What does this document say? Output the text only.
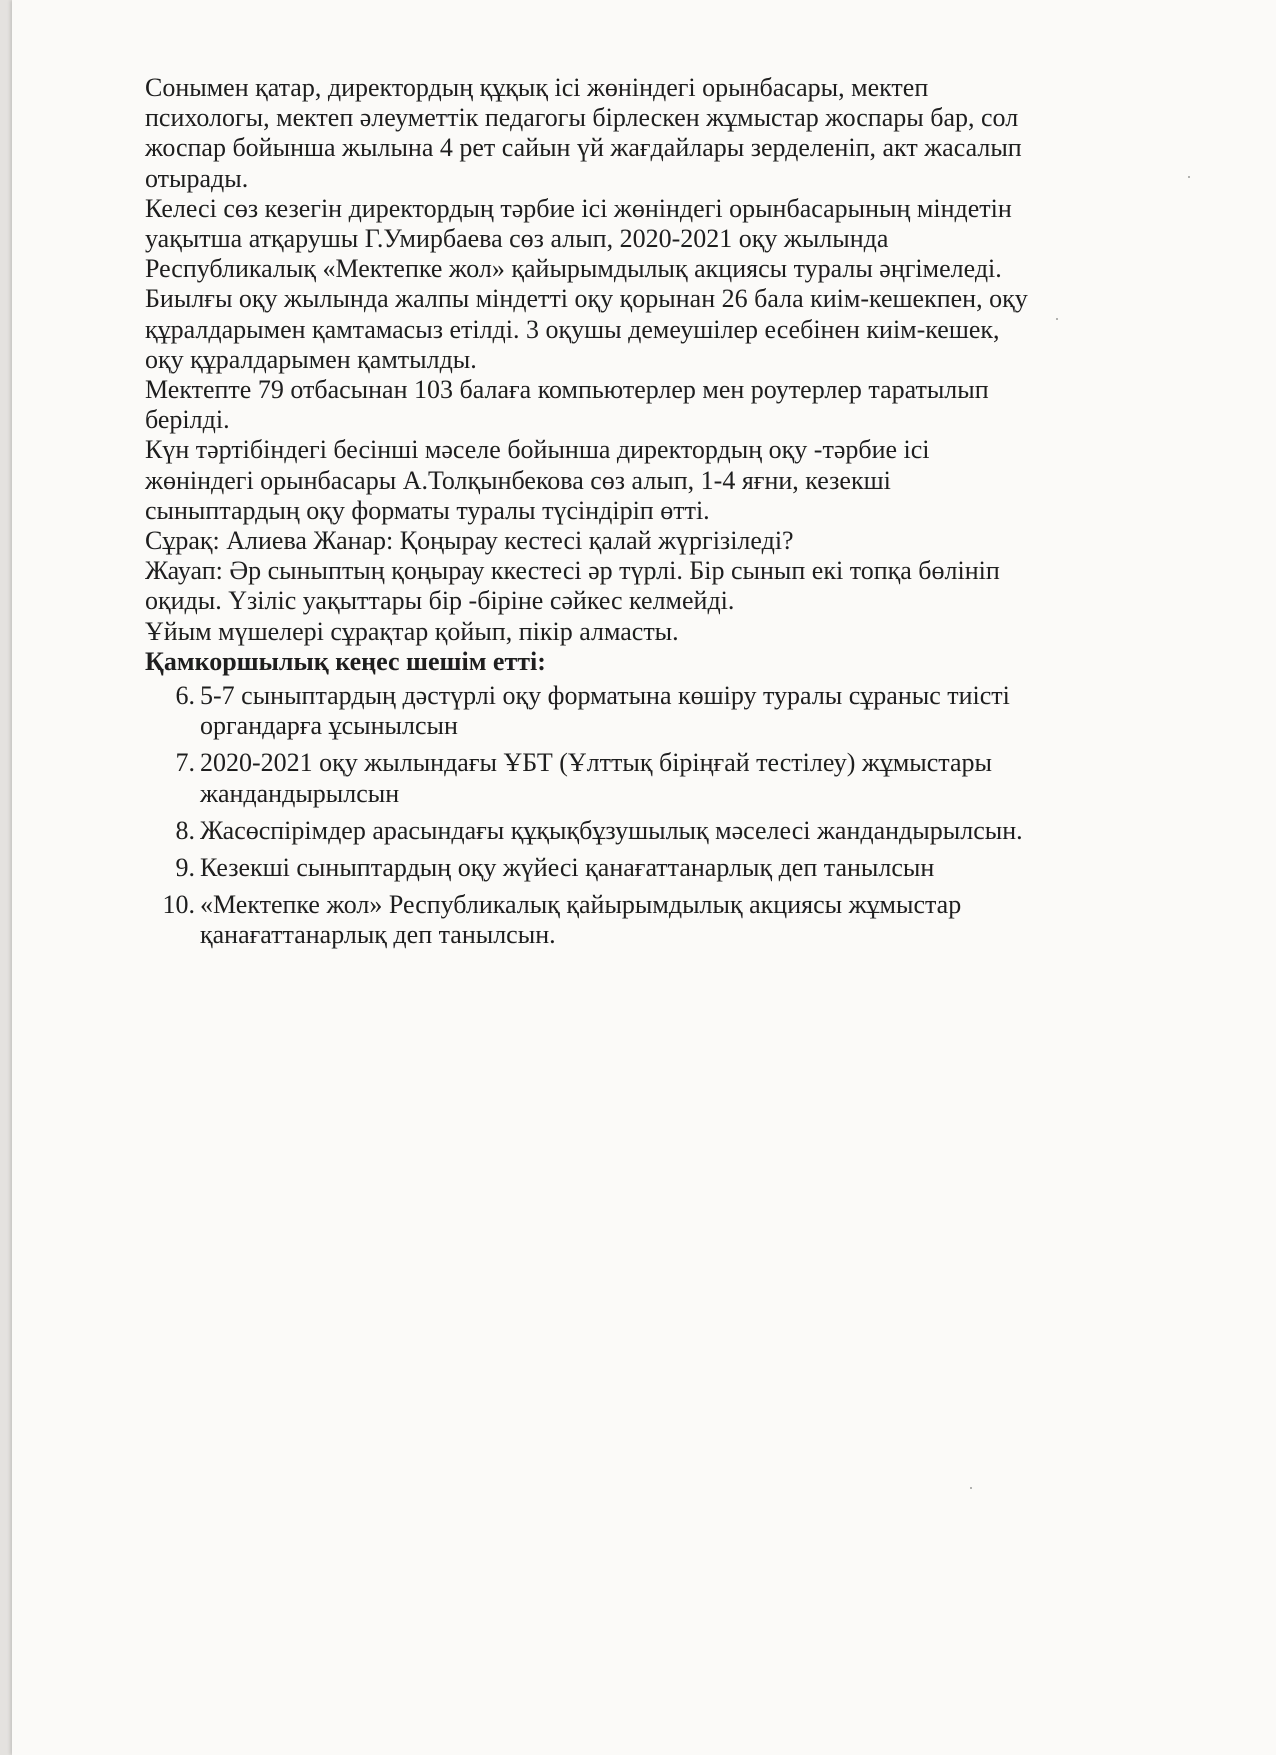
Сонымен қатар, директордың құқық ісі жөніндегі орынбасары, мектеп
психологы, мектеп әлеуметтік педагогы бірлескен жұмыстар жоспары бар, сол
жоспар бойынша жылына 4 рет сайын үй жағдайлары зерделеніп, акт жасалып
отырады.

Келесі сөз кезегін директордың тәрбие ісі жөніндегі орынбасарының міндетін
уақытша атқарушы Г.Умирбаева сөз алып, 2020-2021 оқу жылында
Республикалық «Мектепке жол» қайырымдылық акциясы туралы әңгімеледі.
Биылғы оқу жылында жалпы міндетті оқу қорынан 26 бала киім-кешекпен, оқу
құралдарымен қамтамасыз етілді. 3 оқушы демеушілер есебінен киім-кешек,
оқу құралдарымен қамтылды.

Мектепте 79 отбасынан 103 балаға компьютерлер мен роутерлер таратылып
берілді.

Күн тәртібіндегі бесінші мәселе бойынша директордың оқу -тәрбие ісі
жөніндегі орынбасары А.Толқынбекова сөз алып, 1-4 яғни, кезекші
сыныптардың оқу форматы туралы түсіндіріп өтті.

Сұрақ: Алиева Жанар: Қоңырау кестесі қалай жүргізіледі?

Жауап: Әр сыныптың қоңырау ккестесі әр түрлі. Бір сынып екі топқа бөлініп
оқиды. Үзіліс уақыттары бір -біріне сәйкес келмейді.

Ұйым мүшелері сұрақтар қойып, пікір алмасты.

Қамкоршылық кеңес шешім етті:

6. 5-7 сыныптардың дәстүрлі оқу форматына көшіру туралы сұраныс тиісті
органдарға ұсынылсын
7. 2020-2021 оқу жылындағы ҰБТ (Ұлттық біріңғай тестілеу) жұмыстары
жандандырылсын
8. Жасөспірімдер арасындағы құқықбұзушылық мәселесі жандандырылсын.
9. Кезекші сыныптардың оқу жүйесі қанағаттанарлық деп танылсын
10. «Мектепке жол» Республикалық қайырымдылық акциясы жұмыстар
қанағаттанарлық деп танылсын.
